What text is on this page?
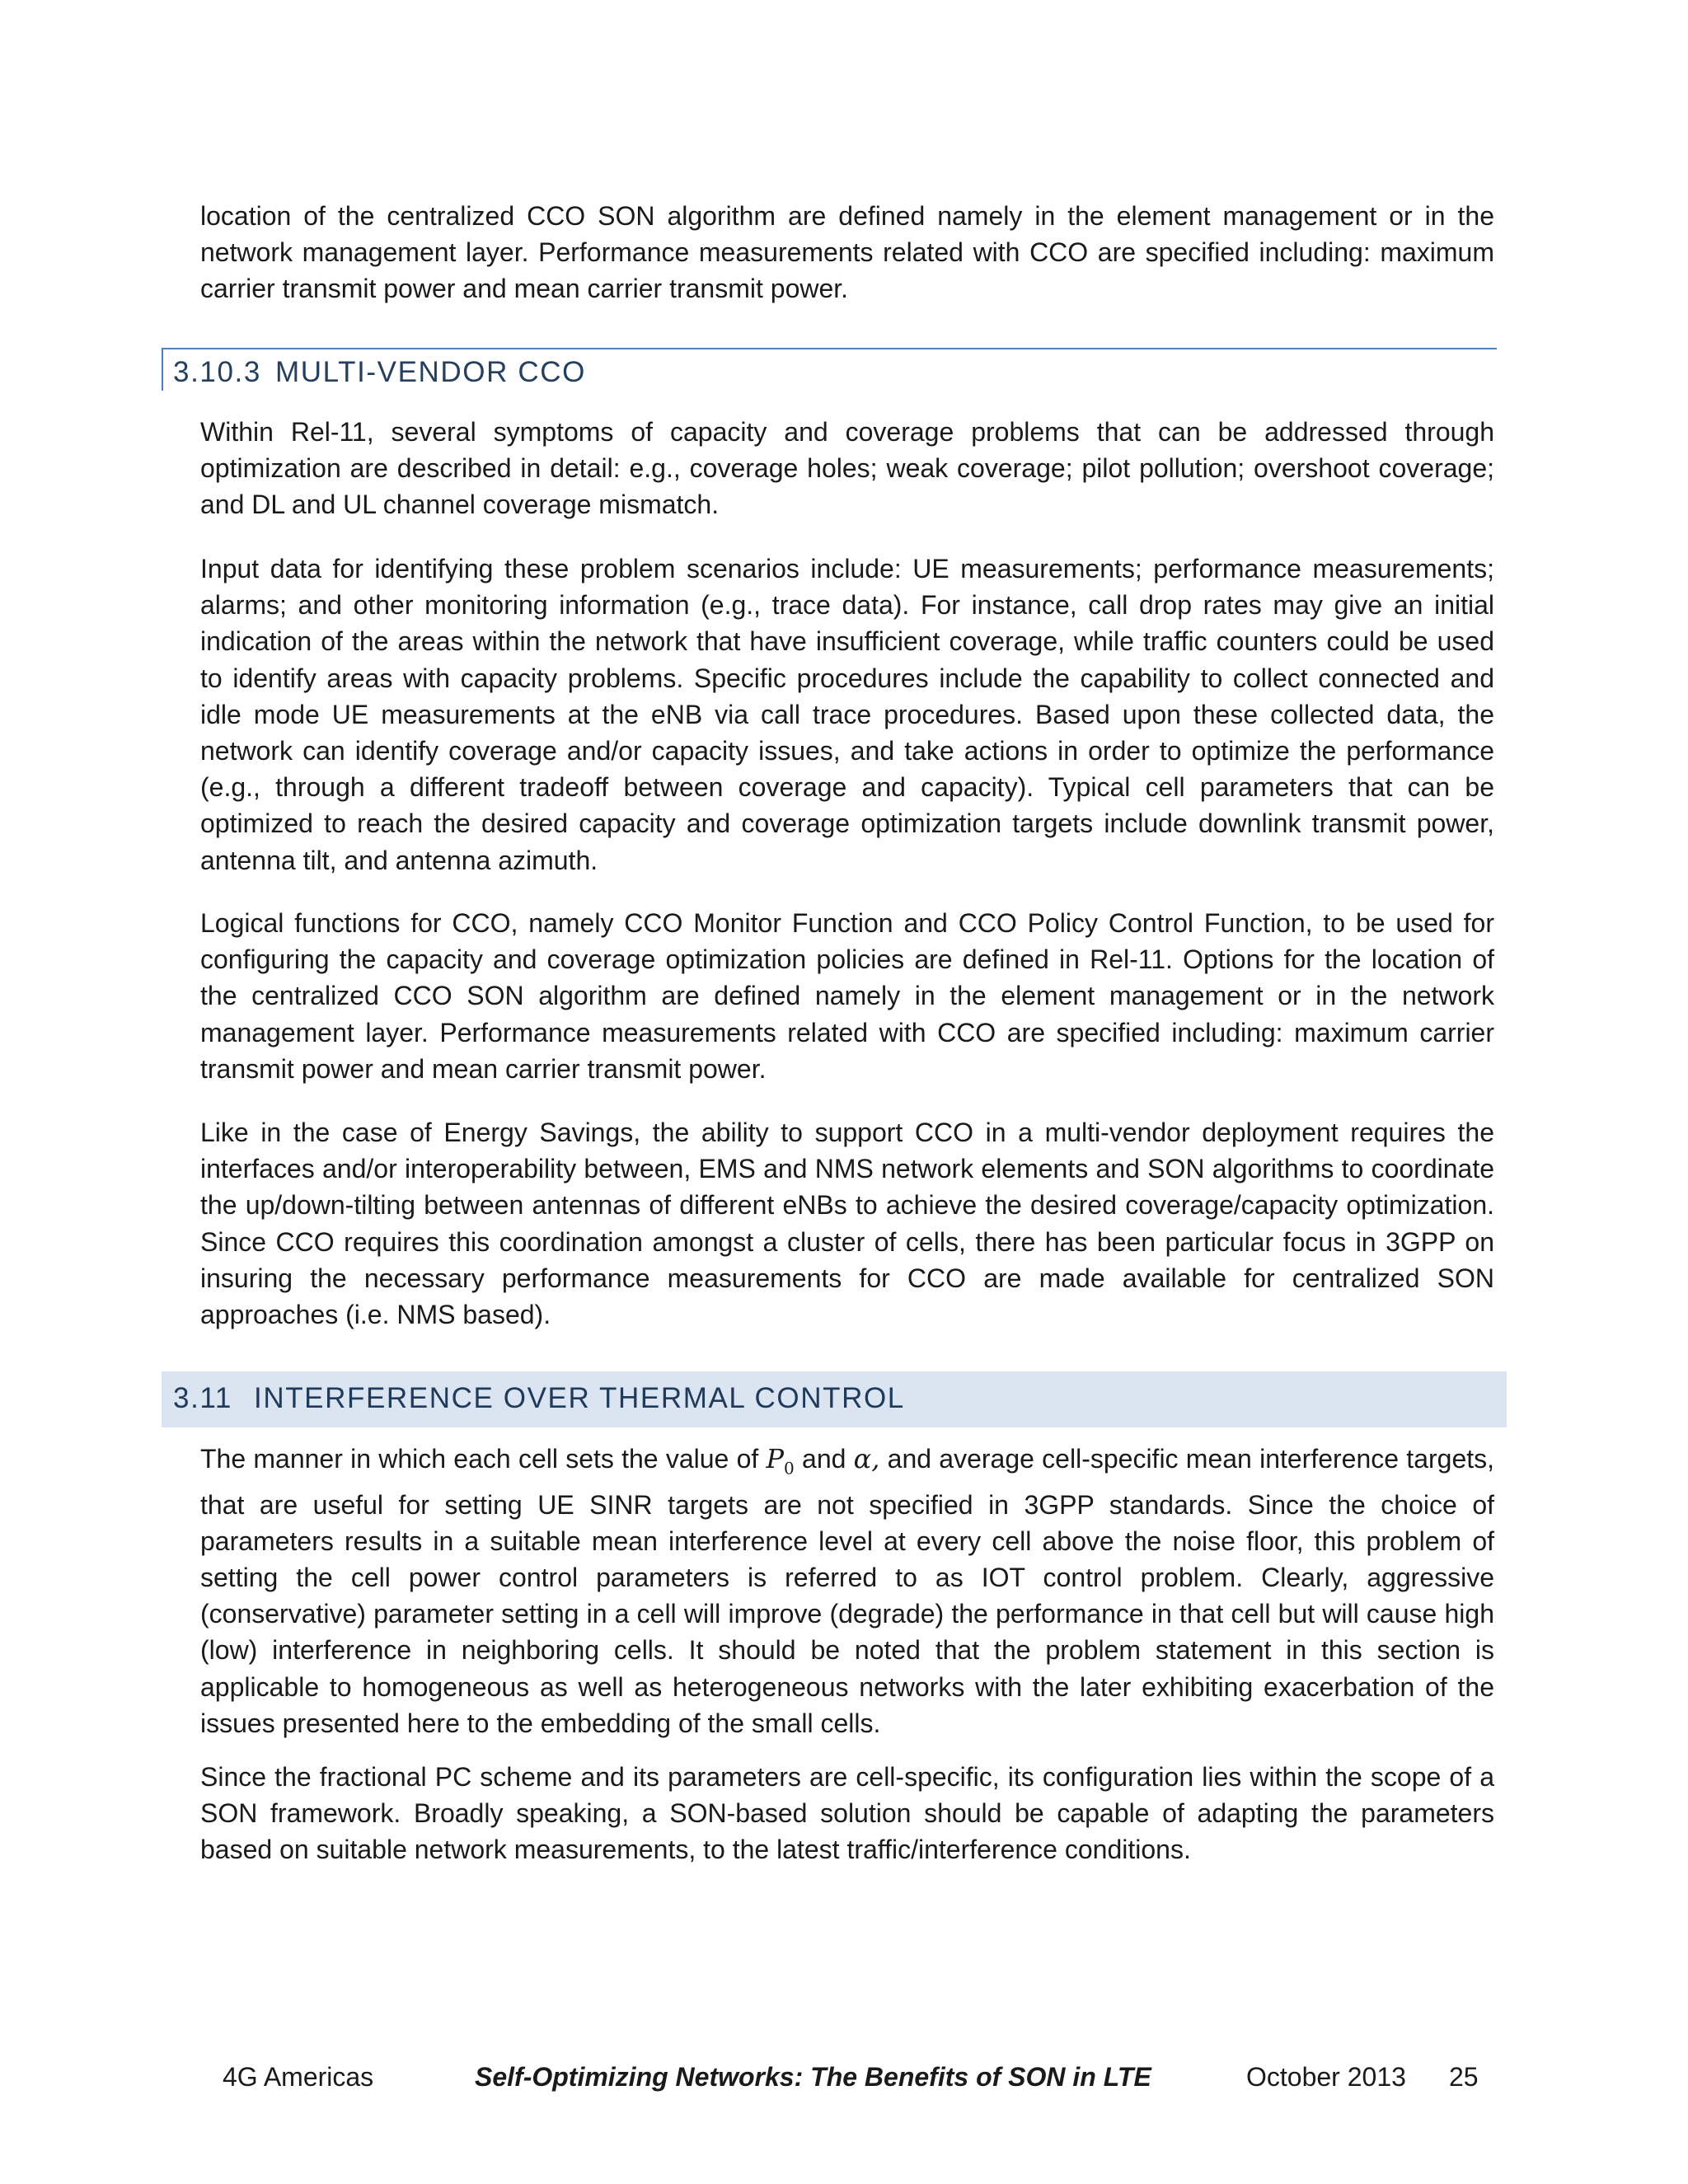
location of the centralized CCO SON algorithm are defined namely in the element management or in the network management layer. Performance measurements related with CCO are specified including: maximum carrier transmit power and mean carrier transmit power.

3.10.3 MULTI-VENDOR CCO

Within Rel-11, several symptoms of capacity and coverage problems that can be addressed through optimization are described in detail: e.g., coverage holes; weak coverage; pilot pollution; overshoot coverage; and DL and UL channel coverage mismatch.

Input data for identifying these problem scenarios include: UE measurements; performance measurements; alarms; and other monitoring information (e.g., trace data). For instance, call drop rates may give an initial indication of the areas within the network that have insufficient coverage, while traffic counters could be used to identify areas with capacity problems. Specific procedures include the capability to collect connected and idle mode UE measurements at the eNB via call trace procedures. Based upon these collected data, the network can identify coverage and/or capacity issues, and take actions in order to optimize the performance (e.g., through a different tradeoff between coverage and capacity). Typical cell parameters that can be optimized to reach the desired capacity and coverage optimization targets include downlink transmit power, antenna tilt, and antenna azimuth.

Logical functions for CCO, namely CCO Monitor Function and CCO Policy Control Function, to be used for configuring the capacity and coverage optimization policies are defined in Rel-11. Options for the location of the centralized CCO SON algorithm are defined namely in the element management or in the network management layer. Performance measurements related with CCO are specified including: maximum carrier transmit power and mean carrier transmit power.

Like in the case of Energy Savings, the ability to support CCO in a multi-vendor deployment requires the interfaces and/or interoperability between, EMS and NMS network elements and SON algorithms to coordinate the up/down-tilting between antennas of different eNBs to achieve the desired coverage/capacity optimization. Since CCO requires this coordination amongst a cluster of cells, there has been particular focus in 3GPP on insuring the necessary performance measurements for CCO are made available for centralized SON approaches (i.e. NMS based).

3.11 INTERFERENCE OVER THERMAL CONTROL

The manner in which each cell sets the value of $P_0$ and α, and average cell-specific mean interference targets, that are useful for setting UE SINR targets are not specified in 3GPP standards. Since the choice of parameters results in a suitable mean interference level at every cell above the noise floor, this problem of setting the cell power control parameters is referred to as IOT control problem. Clearly, aggressive (conservative) parameter setting in a cell will improve (degrade) the performance in that cell but will cause high (low) interference in neighboring cells. It should be noted that the problem statement in this section is applicable to homogeneous as well as heterogeneous networks with the later exhibiting exacerbation of the issues presented here to the embedding of the small cells.

Since the fractional PC scheme and its parameters are cell-specific, its configuration lies within the scope of a SON framework. Broadly speaking, a SON-based solution should be capable of adapting the parameters based on suitable network measurements, to the latest traffic/interference conditions.

4G Americas	Self-Optimizing Networks: The Benefits of SON in LTE	October 2013 25
